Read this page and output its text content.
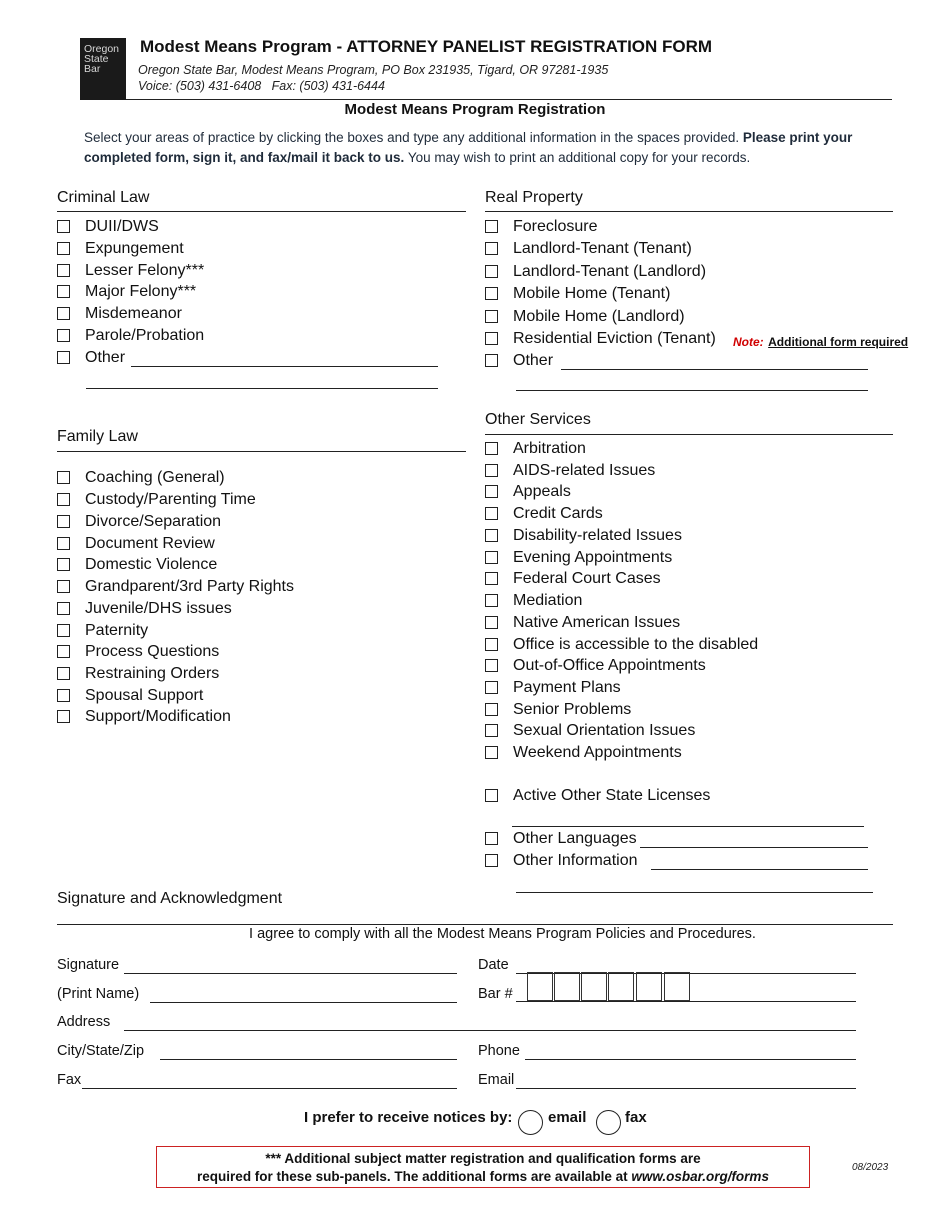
Oregon
State
Bar
Modest Means Program - ATTORNEY PANELIST REGISTRATION FORM
Oregon State Bar, Modest Means Program, PO Box 231935, Tigard, OR 97281-1935
Voice: (503) 431-6408   Fax: (503) 431-6444
Modest Means Program Registration
Select your areas of practice by clicking the boxes and type any additional information in the spaces provided. Please print your completed form, sign it, and fax/mail it back to us. You may wish to print an additional copy for your records.
Criminal Law
DUII/DWS
Expungement
Lesser Felony***
Major Felony***
Misdemeanor
Parole/Probation
Other
Family Law
Coaching (General)
Custody/Parenting Time
Divorce/Separation
Document Review
Domestic Violence
Grandparent/3rd Party Rights
Juvenile/DHS issues
Paternity
Process Questions
Restraining Orders
Spousal Support
Support/Modification
Real Property
Foreclosure
Landlord-Tenant (Tenant)
Landlord-Tenant (Landlord)
Mobile Home (Tenant)
Mobile Home (Landlord)
Residential Eviction (Tenant) Note: Additional form required
Other
Other Services
Arbitration
AIDS-related Issues
Appeals
Credit Cards
Disability-related Issues
Evening Appointments
Federal Court Cases
Mediation
Native American Issues
Office is accessible to the disabled
Out-of-Office Appointments
Payment Plans
Senior Problems
Sexual Orientation Issues
Weekend Appointments
Active Other State Licenses
Other Languages
Other Information
Signature and Acknowledgment
I agree to comply with all the Modest Means Program Policies and Procedures.
Signature	Date
(Print Name)	Bar #
Address
City/State/Zip	Phone
Fax	Email
I prefer to receive notices by: email	fax
*** Additional subject matter registration and qualification forms are
required for these sub-panels. The additional forms are available at www.osbar.org/forms
08/2023
